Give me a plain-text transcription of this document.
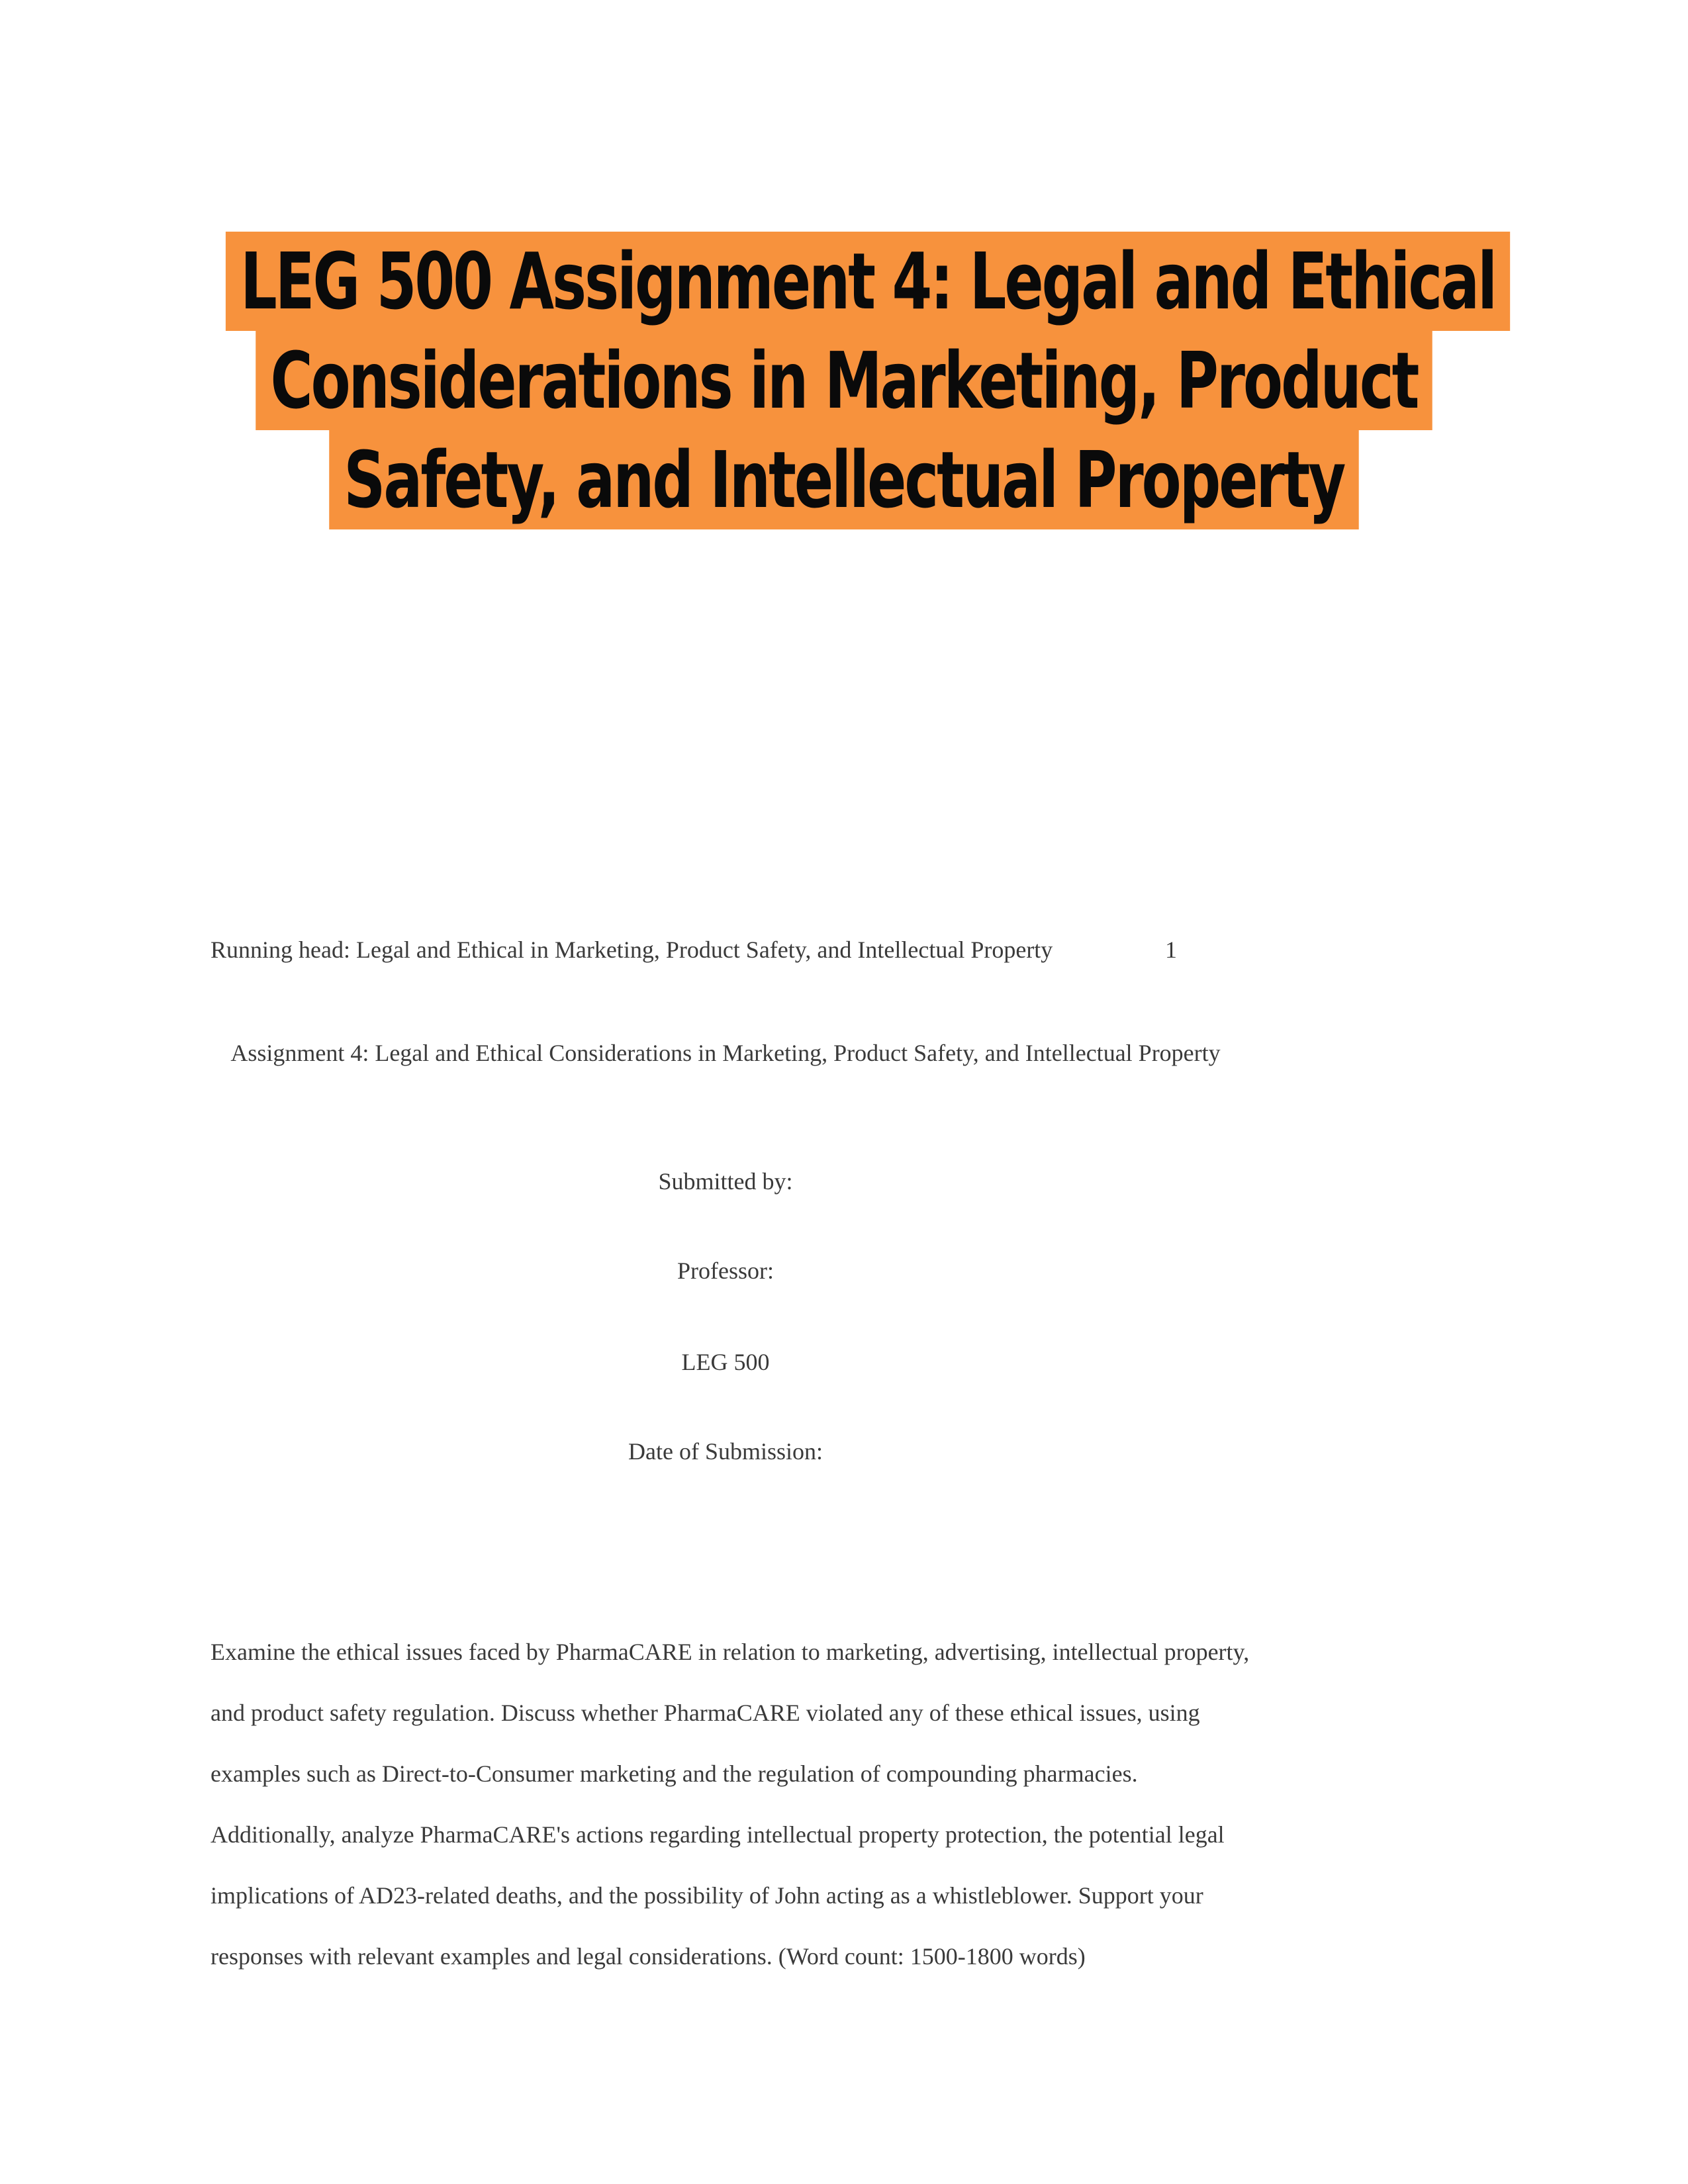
LEG 500 Assignment 4: Legal and Ethical
Considerations in Marketing, Product
Safety, and Intellectual Property
Running head: Legal and Ethical in Marketing, Product Safety, and Intellectual Property	1
Assignment 4: Legal and Ethical Considerations in Marketing, Product Safety, and Intellectual Property
Submitted by:
Professor:
LEG 500
Date of Submission:
Examine the ethical issues faced by PharmaCARE in relation to marketing, advertising, intellectual property, and product safety regulation. Discuss whether PharmaCARE violated any of these ethical issues, using examples such as Direct-to-Consumer marketing and the regulation of compounding pharmacies. Additionally, analyze PharmaCARE's actions regarding intellectual property protection, the potential legal implications of AD23-related deaths, and the possibility of John acting as a whistleblower. Support your responses with relevant examples and legal considerations. (Word count: 1500-1800 words)
